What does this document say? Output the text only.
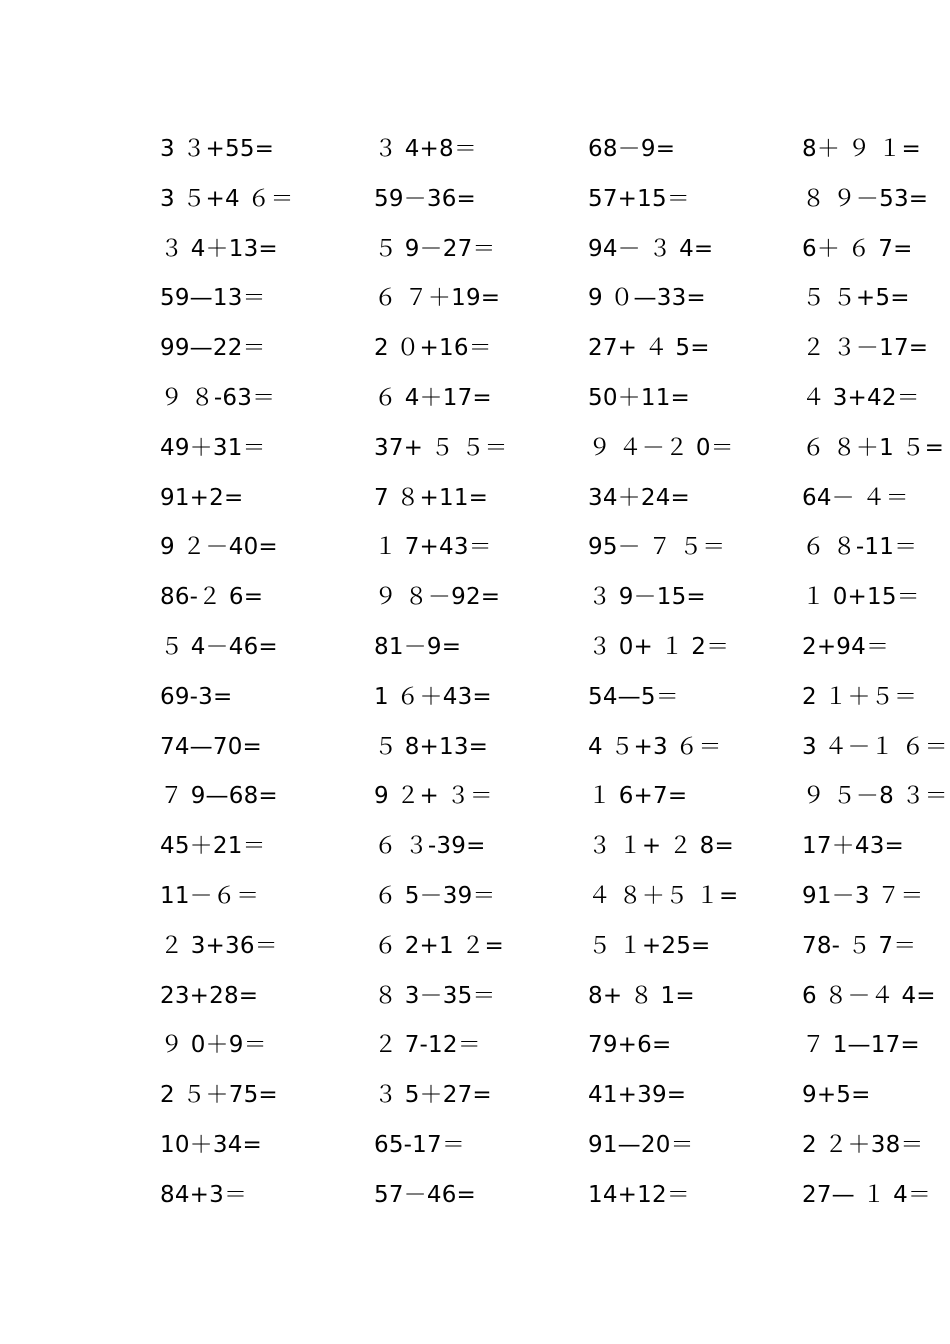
3 ３+55=
3 ５+4 ６＝
３ 4＋13=
59—13＝
99—22＝
９ ８-63＝
49＋31＝
91+2=
9 ２－40=
86-２ 6=
５ 4－46=
69-3=
74—70=
７ 9—68=
45＋21＝
11－６＝
２ 3+36＝
23+28=
９ 0＋9＝
2 ５＋75=
10＋34=
84+3＝
３ 4+8＝
59－36=
５ 9－27＝
６ ７＋19=
2 ０+16＝
６ 4＋17=
37+ ５ ５＝
7 ８+11=
１ 7+43＝
９ ８－92=
81－9=
1 ６＋43=
５ 8+13=
9 ２+ ３＝
６ ３-39=
６ 5－39＝
６ 2+1 ２=
８ 3－35＝
２ 7-12＝
３ 5＋27=
65-17＝
57－46=
68－9=
57+15＝
94－ ３ 4=
9 ０—33=
27+ ４ 5=
50＋11=
９ ４－２ 0＝
34＋24=
95－ ７ ５＝
３ 9－15=
３ 0+ １ 2＝
54—5＝
4 ５+3 ６＝
１ 6+7=
３ １+ ２ 8=
４ ８＋５ １=
５ １+25=
8+ ８ 1=
79+6=
41+39=
91—20＝
14+12＝
8＋ ９ １=
８ ９－53=
6＋ ６ 7=
５ ５+5=
２ ３－17=
４ 3+42＝
６ ８＋1 ５=
64－ ４＝
６ ８-11＝
１ 0+15＝
2+94＝
2 １＋５＝
3 ４－１ ６＝
９ ５－8 ３＝
17＋43=
91－3 ７＝
78- ５ 7＝
6 ８－４ 4=
７ 1—17=
9+5=
2 ２＋38＝
27— １ 4＝
